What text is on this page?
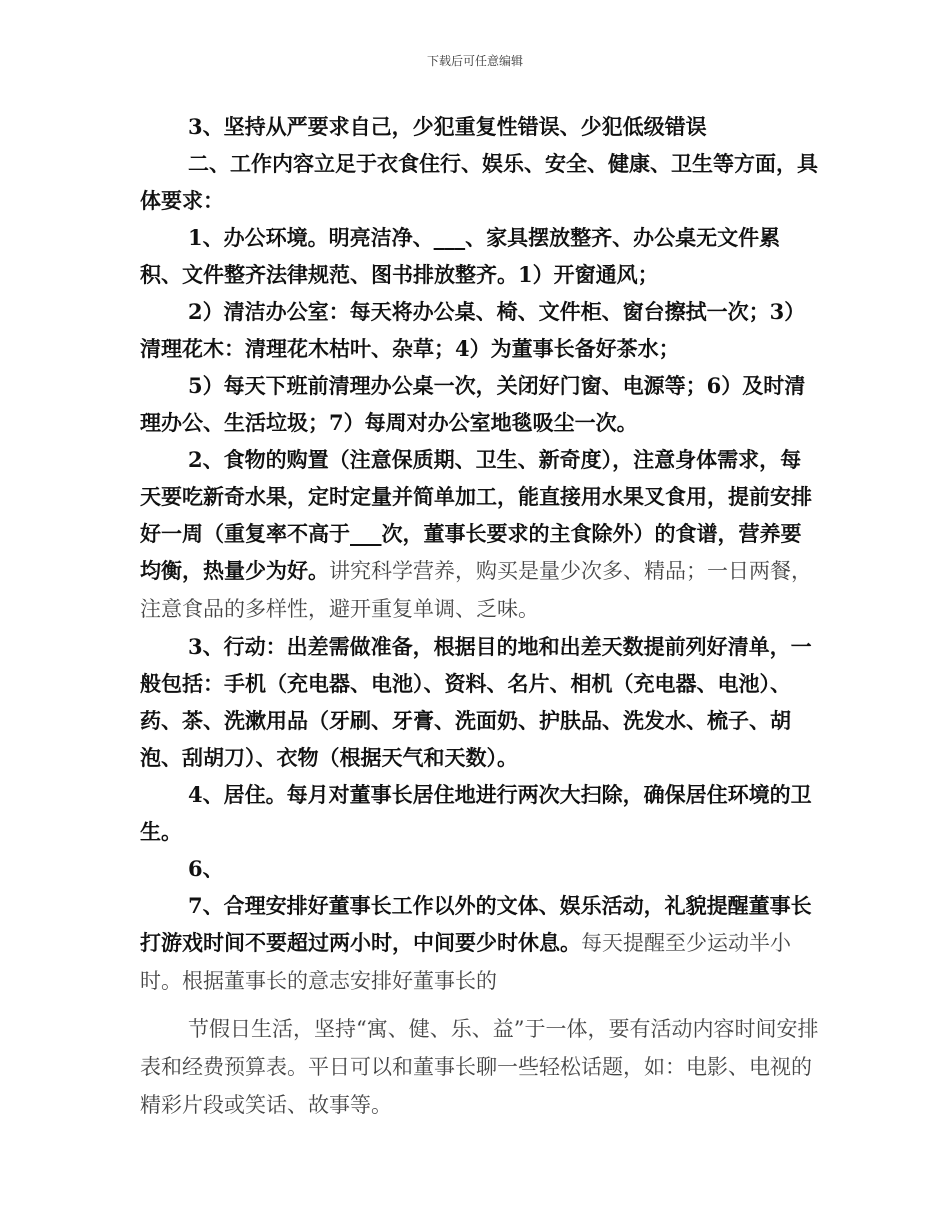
下载后可任意编辑

3、坚持从严要求自己，少犯重复性错误、少犯低级错误

二、工作内容立足于衣食住行、娱乐、安全、健康、卫生等方面，具体要求：

1、办公环境。明亮洁净、___、家具摆放整齐、办公桌无文件累积、文件整齐法律规范、图书排放整齐。1）开窗通风；

2）清洁办公室：每天将办公桌、椅、文件柜、窗台擦拭一次；3）清理花木：清理花木枯叶、杂草；4）为董事长备好茶水；

5）每天下班前清理办公桌一次，关闭好门窗、电源等；6）及时清理办公、生活垃圾；7）每周对办公室地毯吸尘一次。

2、食物的购置（注意保质期、卫生、新奇度），注意身体需求，每天要吃新奇水果，定时定量并简单加工，能直接用水果叉食用，提前安排好一周（重复率不高于___次，董事长要求的主食除外）的食谱，营养要均衡，热量少为好。讲究科学营养，购买是量少次多、精品；一日两餐，注意食品的多样性，避开重复单调、乏味。

3、行动：出差需做准备，根据目的地和出差天数提前列好清单，一般包括：手机（充电器、电池）、资料、名片、相机（充电器、电池）、药、茶、洗漱用品（牙刷、牙膏、洗面奶、护肤品、洗发水、梳子、胡泡、刮胡刀）、衣物（根据天气和天数）。

4、居住。每月对董事长居住地进行两次大扫除，确保居住环境的卫生。

6、

7、合理安排好董事长工作以外的文体、娱乐活动，礼貌提醒董事长打游戏时间不要超过两小时，中间要少时休息。每天提醒至少运动半小时。根据董事长的意志安排好董事长的

节假日生活，坚持“寓、健、乐、益”于一体，要有活动内容时间安排表和经费预算表。平日可以和董事长聊一些轻松话题，如：电影、电视的精彩片段或笑话、故事等。
